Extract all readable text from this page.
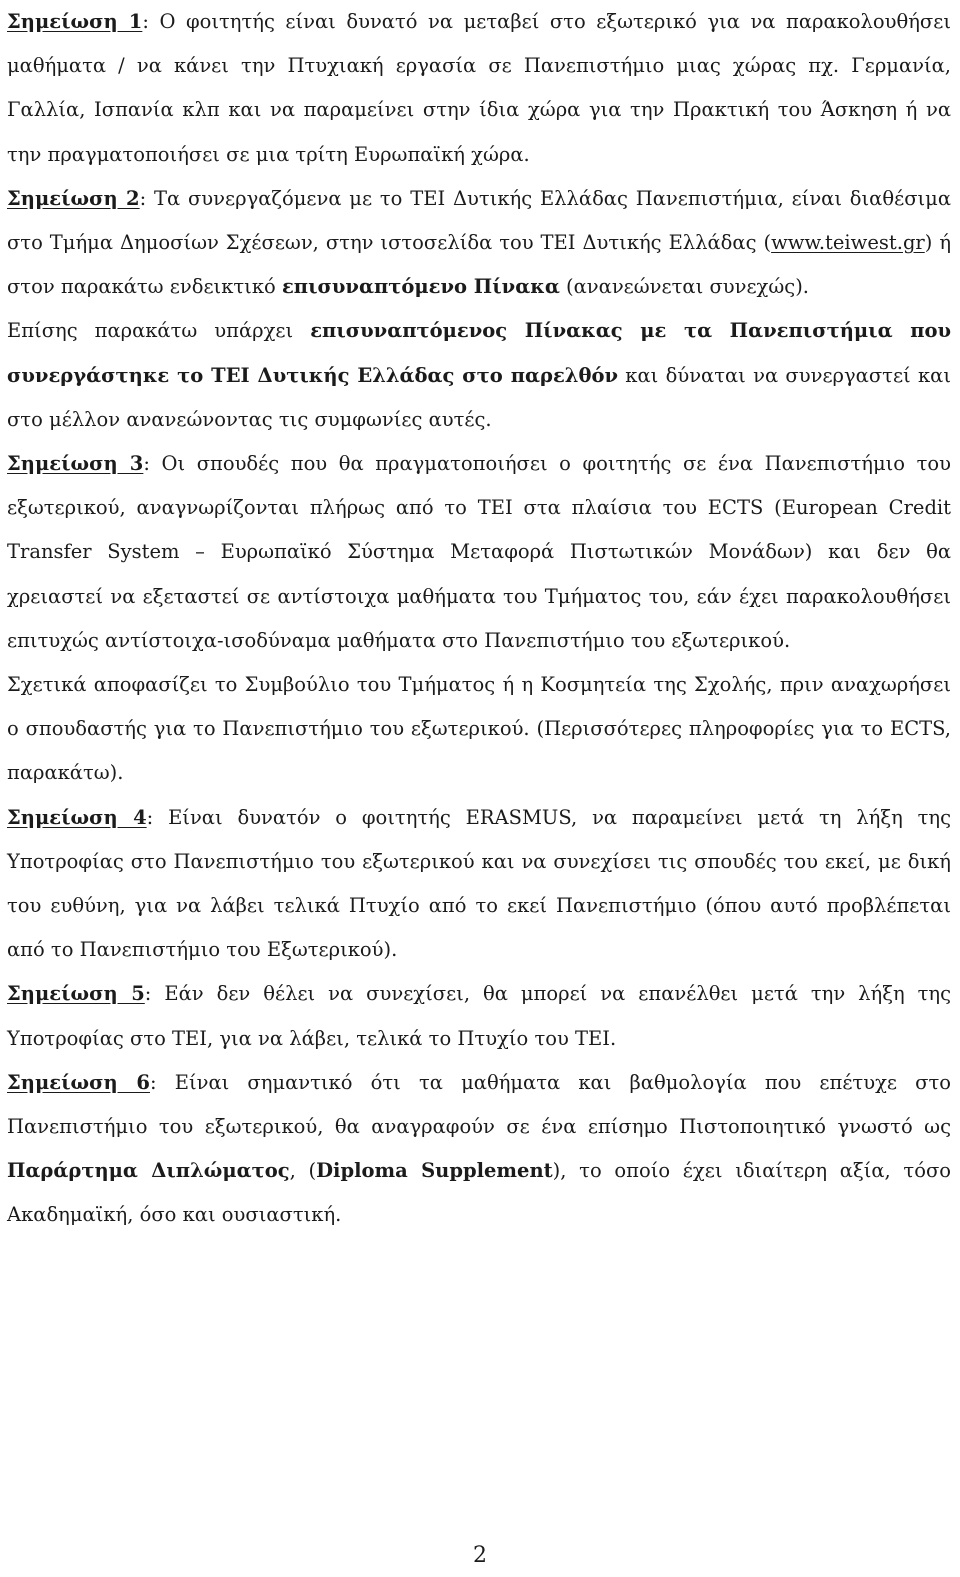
Σημείωση 1: Ο φοιτητής είναι δυνατό να μεταβεί στο εξωτερικό για να παρακολουθήσει μαθήματα / να κάνει την Πτυχιακή εργασία σε Πανεπιστήμιο μιας χώρας πχ. Γερμανία, Γαλλία, Ισπανία κλπ και να παραμείνει στην ίδια χώρα για την Πρακτική του Άσκηση ή να την πραγματοποιήσει σε μια τρίτη Ευρωπαϊκή χώρα.

Σημείωση 2: Τα συνεργαζόμενα με το ΤΕΙ Δυτικής Ελλάδας Πανεπιστήμια, είναι διαθέσιμα στο Τμήμα Δημοσίων Σχέσεων, στην ιστοσελίδα του ΤΕΙ Δυτικής Ελλάδας (www.teiwest.gr) ή στον παρακάτω ενδεικτικό επισυναπτόμενο Πίνακα (ανανεώνεται συνεχώς).

Επίσης παρακάτω υπάρχει επισυναπτόμενος Πίνακας με τα Πανεπιστήμια που συνεργάστηκε το ΤΕΙ Δυτικής Ελλάδας στο παρελθόν και δύναται να συνεργαστεί και στο μέλλον ανανεώνοντας τις συμφωνίες αυτές.

Σημείωση 3: Οι σπουδές που θα πραγματοποιήσει ο φοιτητής σε ένα Πανεπιστήμιο του εξωτερικού, αναγνωρίζονται πλήρως από το ΤΕΙ στα πλαίσια του ECTS (European Credit Transfer System – Ευρωπαϊκό Σύστημα Μεταφορά Πιστωτικών Μονάδων) και δεν θα χρειαστεί να εξεταστεί σε αντίστοιχα μαθήματα του Τμήματος του, εάν έχει παρακολουθήσει επιτυχώς αντίστοιχα-ισοδύναμα μαθήματα στο Πανεπιστήμιο του εξωτερικού.

Σχετικά αποφασίζει το Συμβούλιο του Τμήματος ή η Κοσμητεία της Σχολής, πριν αναχωρήσει ο σπουδαστής για το Πανεπιστήμιο του εξωτερικού. (Περισσότερες πληροφορίες για το ECTS, παρακάτω).

Σημείωση 4: Είναι δυνατόν ο φοιτητής ERASMUS, να παραμείνει μετά τη λήξη της Υποτροφίας στο Πανεπιστήμιο του εξωτερικού και να συνεχίσει τις σπουδές του εκεί, με δική του ευθύνη, για να λάβει τελικά Πτυχίο από το εκεί Πανεπιστήμιο (όπου αυτό προβλέπεται από το Πανεπιστήμιο του Εξωτερικού).

Σημείωση 5: Εάν δεν θέλει να συνεχίσει, θα μπορεί να επανέλθει μετά την λήξη της Υποτροφίας στο ΤΕΙ, για να λάβει, τελικά το Πτυχίο του ΤΕΙ.

Σημείωση 6: Είναι σημαντικό ότι τα μαθήματα και βαθμολογία που επέτυχε στο Πανεπιστήμιο του εξωτερικού, θα αναγραφούν σε ένα επίσημο Πιστοποιητικό γνωστό ως Παράρτημα Διπλώματος, (Diploma Supplement), το οποίο έχει ιδιαίτερη αξία, τόσο Ακαδημαϊκή, όσο και ουσιαστική.

2
